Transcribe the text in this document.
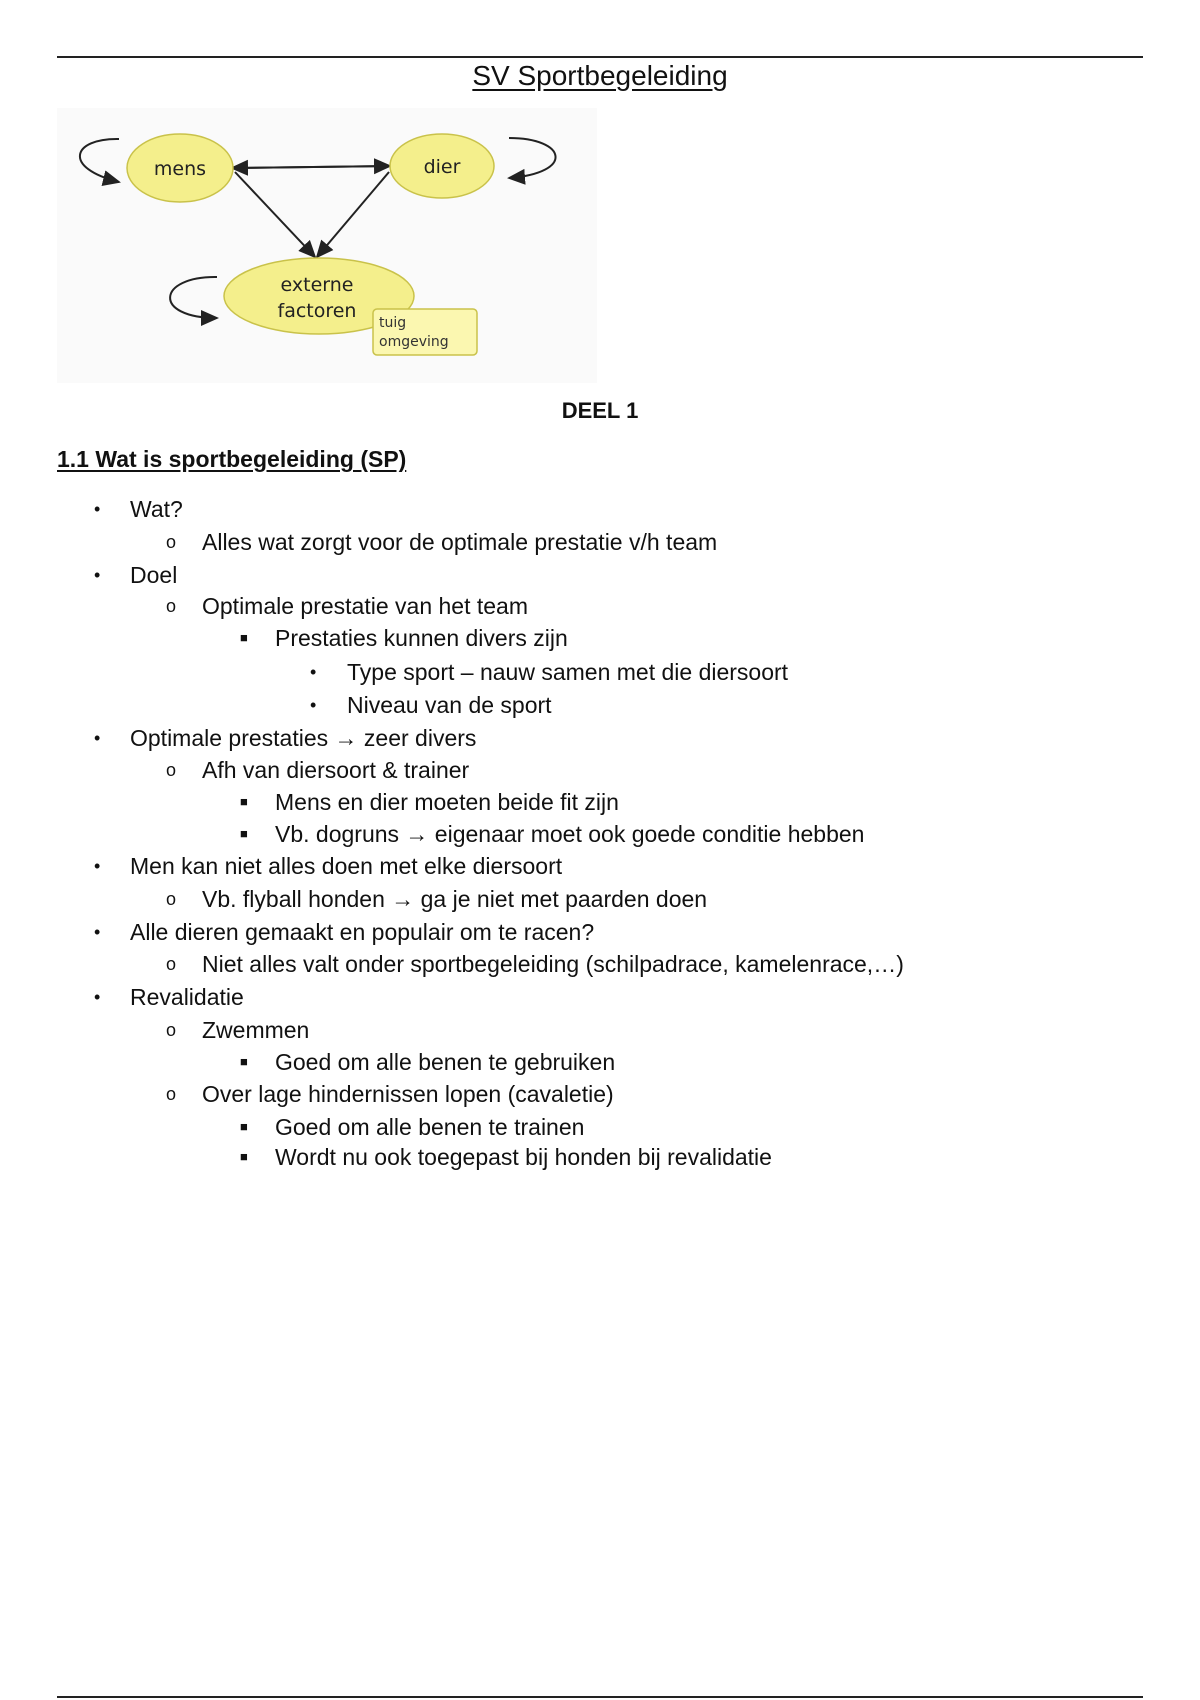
SV Sportbegeleiding
mens	dier
externe
factoren
tuig
omgeving
DEEL 1
1.1 Wat is sportbegeleiding (SP)
• Wat?
o Alles wat zorgt voor de optimale prestatie v/h team
• Doel
o Optimale prestatie van het team
■ Prestaties kunnen divers zijn
• Type sport – nauw samen met die diersoort
• Niveau van de sport
• Optimale prestaties → zeer divers
o Afh van diersoort & trainer
■ Mens en dier moeten beide fit zijn
■ Vb. dogruns → eigenaar moet ook goede conditie hebben
• Men kan niet alles doen met elke diersoort
o Vb. flyball honden → ga je niet met paarden doen
• Alle dieren gemaakt en populair om te racen?
o Niet alles valt onder sportbegeleiding (schilpadrace, kamelenrace,…)
• Revalidatie
o Zwemmen
■ Goed om alle benen te gebruiken
o Over lage hindernissen lopen (cavaletie)
■ Goed om alle benen te trainen
■ Wordt nu ook toegepast bij honden bij revalidatie
